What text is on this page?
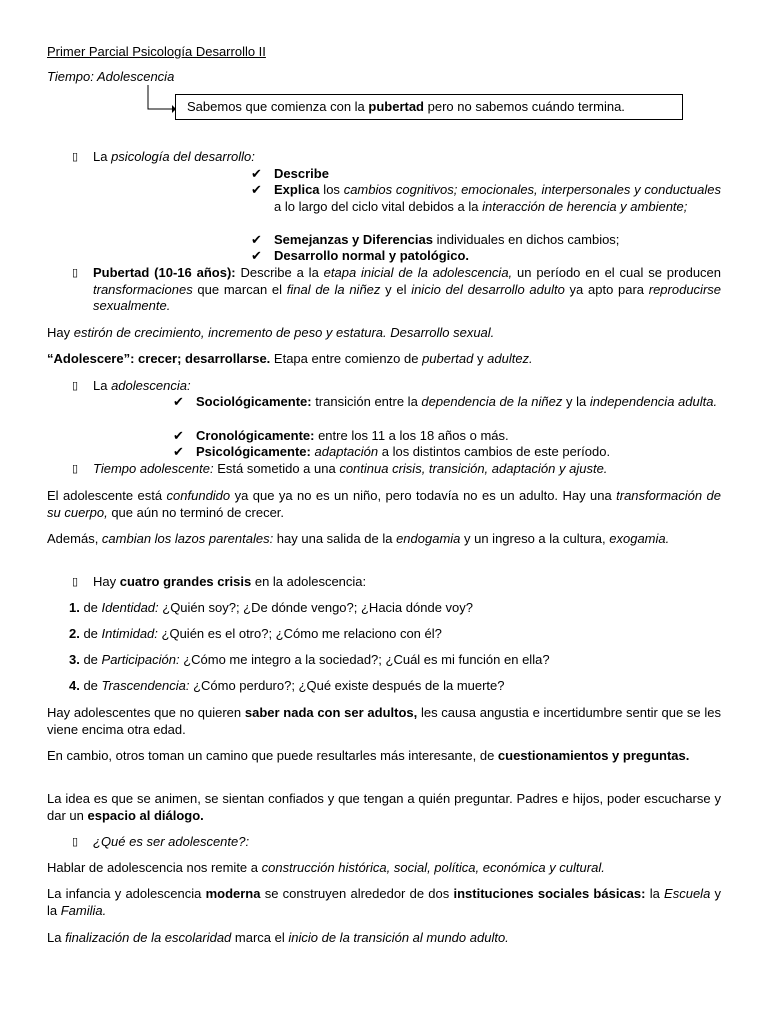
Primer Parcial Psicología Desarrollo II
Tiempo: Adolescencia
Sabemos que comienza con la pubertad pero no sabemos cuándo termina.
▯ La psicología del desarrollo:
✔ Describe
✔ Explica los cambios cognitivos; emocionales, interpersonales y conductuales a lo largo del ciclo vital debidos a la interacción de herencia y ambiente;
✔ Semejanzas y Diferencias individuales en dichos cambios;
✔ Desarrollo normal y patológico.
▯ Pubertad (10-16 años): Describe a la etapa inicial de la adolescencia, un período en el cual se producen transformaciones que marcan el final de la niñez y el inicio del desarrollo adulto ya apto para reproducirse sexualmente.
Hay estirón de crecimiento, incremento de peso y estatura. Desarrollo sexual.
“Adolescere”: crecer; desarrollarse. Etapa entre comienzo de pubertad y adultez.
▯ La adolescencia:
✔ Sociológicamente: transición entre la dependencia de la niñez y la independencia adulta.
✔ Cronológicamente: entre los 11 a los 18 años o más.
✔ Psicológicamente: adaptación a los distintos cambios de este período.
▯ Tiempo adolescente: Está sometido a una continua crisis, transición, adaptación y ajuste.
El adolescente está confundido ya que ya no es un niño, pero todavía no es un adulto. Hay una transformación de su cuerpo, que aún no terminó de crecer.
Además, cambian los lazos parentales: hay una salida de la endogamia y un ingreso a la cultura, exogamia.
▯ Hay cuatro grandes crisis en la adolescencia:
1. de Identidad: ¿Quién soy?; ¿De dónde vengo?; ¿Hacia dónde voy?
2. de Intimidad: ¿Quién es el otro?; ¿Cómo me relaciono con él?
3. de Participación: ¿Cómo me integro a la sociedad?; ¿Cuál es mi función en ella?
4. de Trascendencia: ¿Cómo perduro?; ¿Qué existe después de la muerte?
Hay adolescentes que no quieren saber nada con ser adultos, les causa angustia e incertidumbre sentir que se les viene encima otra edad.
En cambio, otros toman un camino que puede resultarles más interesante, de cuestionamientos y preguntas.
La idea es que se animen, se sientan confiados y que tengan a quién preguntar. Padres e hijos, poder escucharse y dar un espacio al diálogo.
▯ ¿Qué es ser adolescente?:
Hablar de adolescencia nos remite a construcción histórica, social, política, económica y cultural.
La infancia y adolescencia moderna se construyen alrededor de dos instituciones sociales básicas: la Escuela y la Familia.
La finalización de la escolaridad marca el inicio de la transición al mundo adulto.
